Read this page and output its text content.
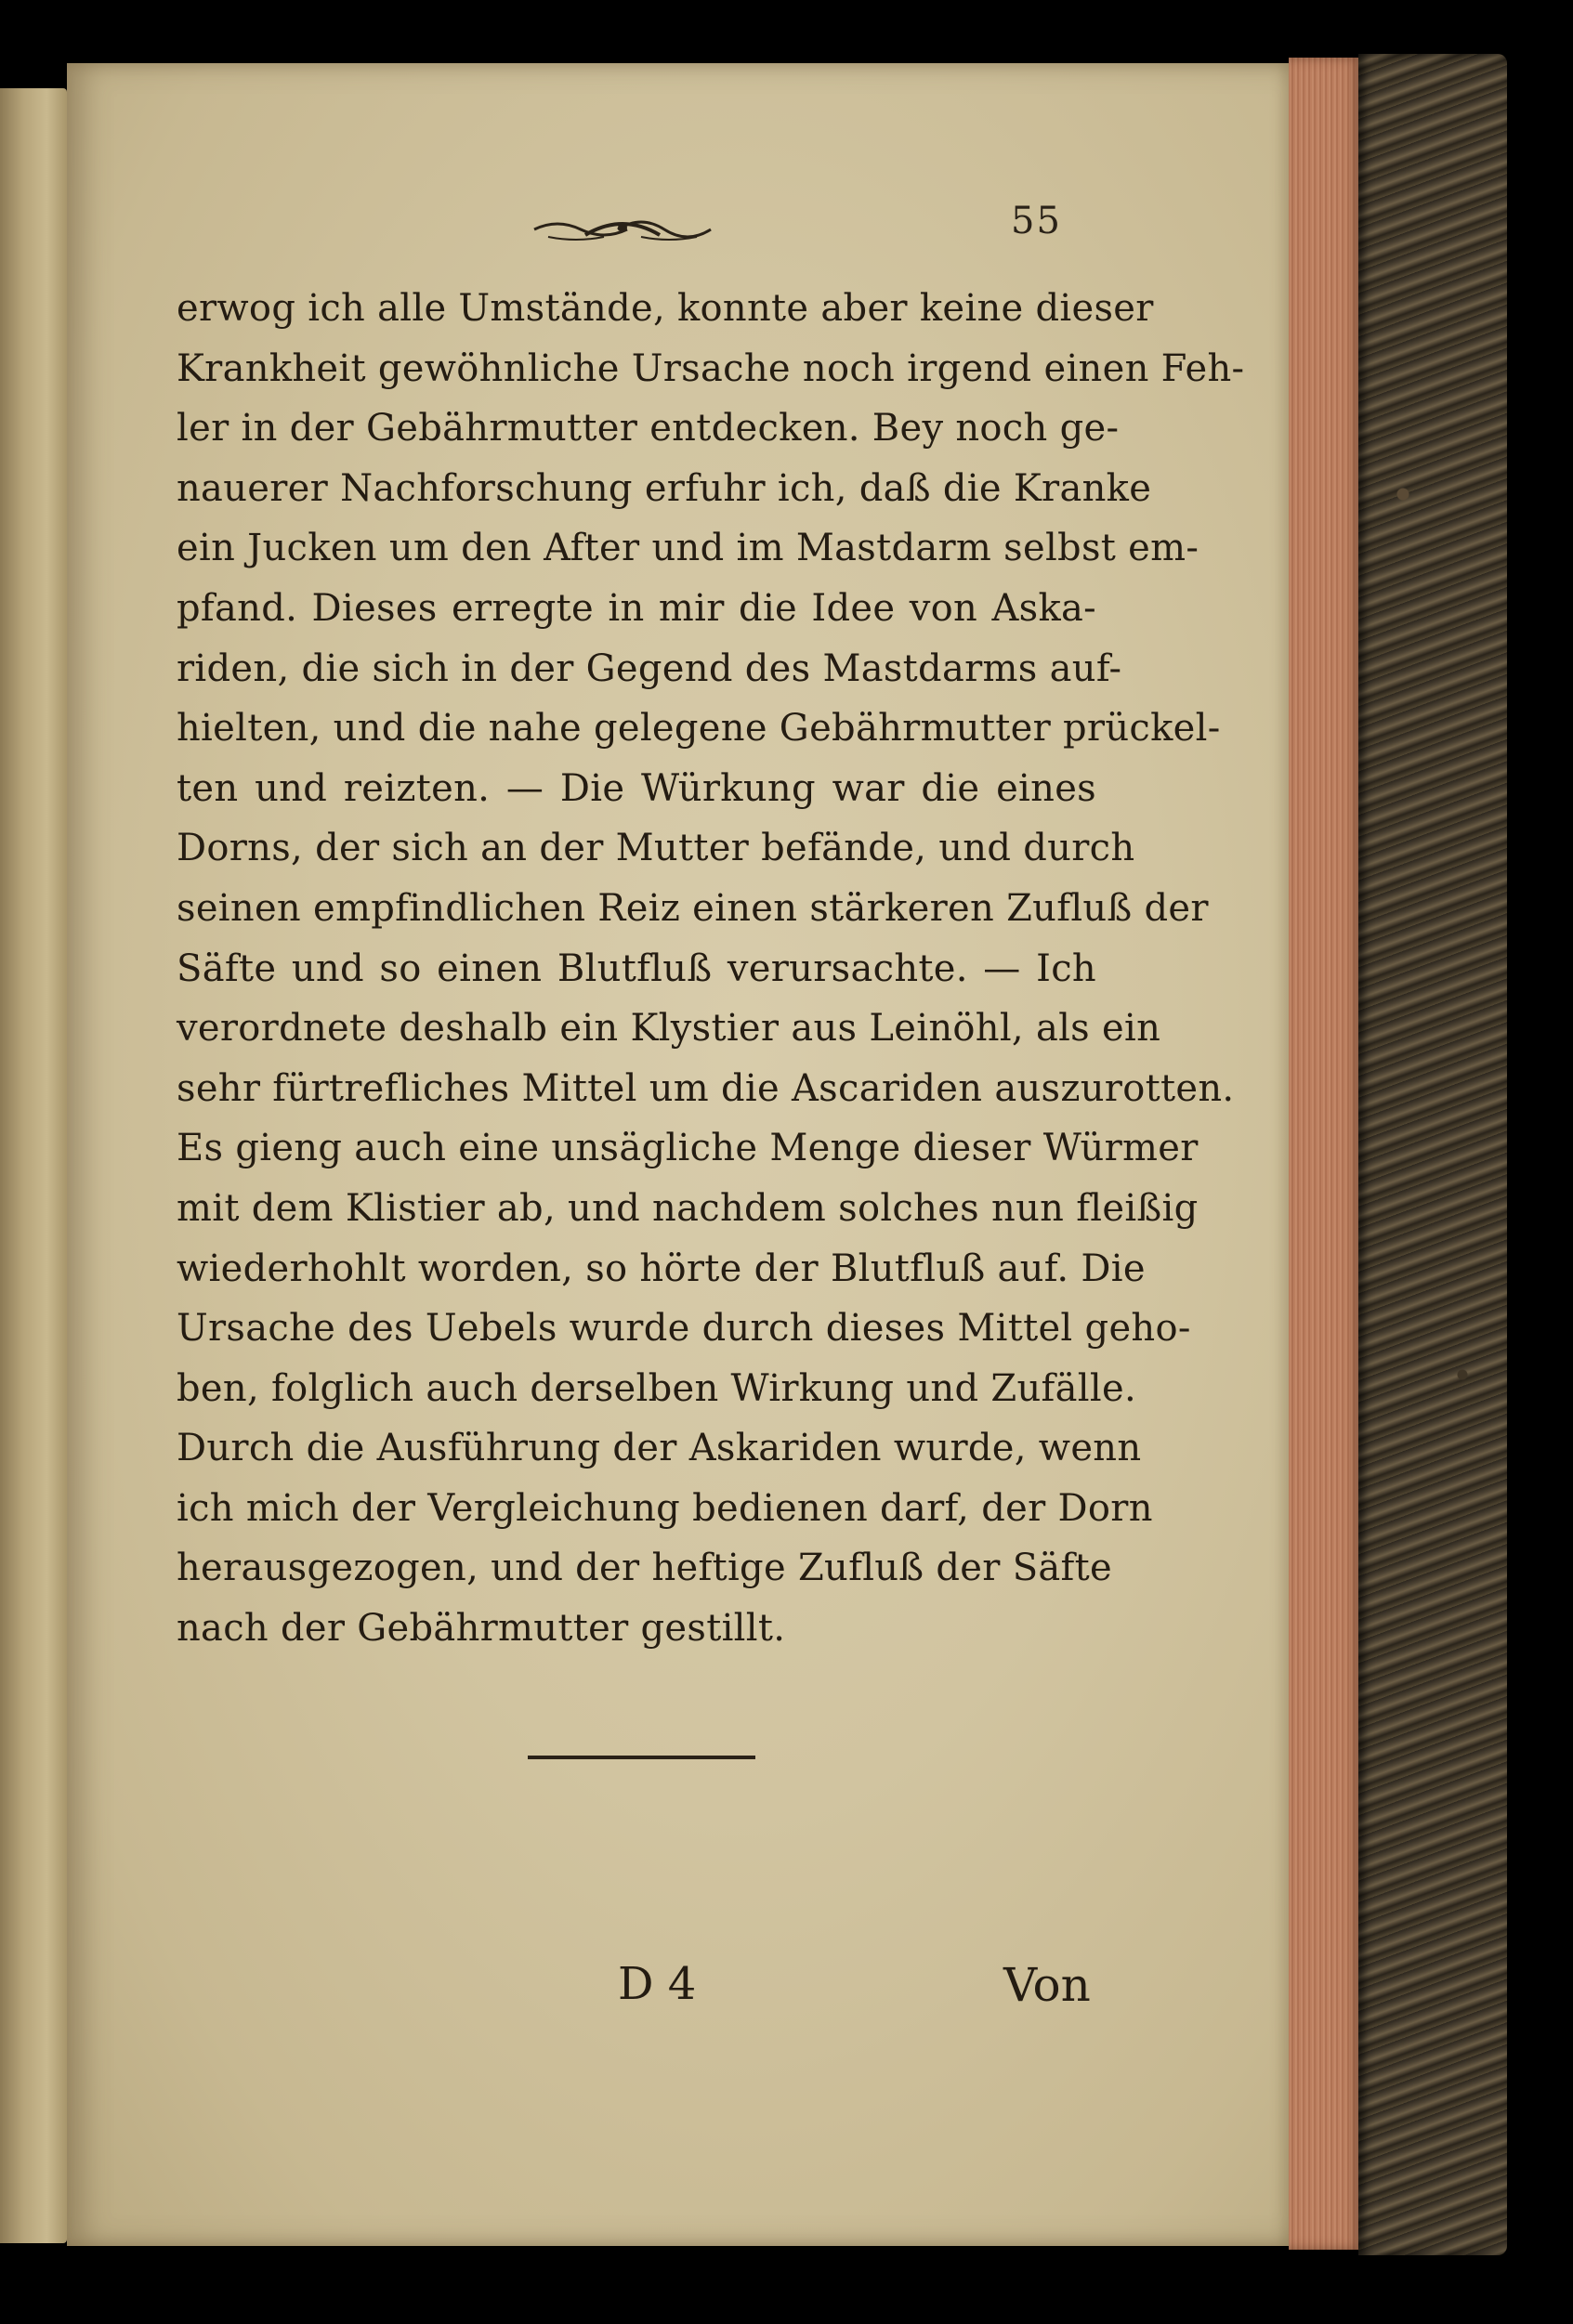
55
erwog ich alle Umstände, konnte aber keine dieser
Krankheit gewöhnliche Ursache noch irgend einen Feh-
ler in der Gebährmutter entdecken. Bey noch ge-
nauerer Nachforschung erfuhr ich, daß die Kranke
ein Jucken um den After und im Mastdarm selbst em-
pfand. Dieses erregte in mir die Idee von Aska-
riden, die sich in der Gegend des Mastdarms auf-
hielten, und die nahe gelegene Gebährmutter prückel-
ten und reizten. — Die Würkung war die eines
Dorns, der sich an der Mutter befände, und durch
seinen empfindlichen Reiz einen stärkeren Zufluß der
Säfte und so einen Blutfluß verursachte. — Ich
verordnete deshalb ein Klystier aus Leinöhl, als ein
sehr fürtrefliches Mittel um die Ascariden auszurotten.
Es gieng auch eine unsägliche Menge dieser Würmer
mit dem Klistier ab, und nachdem solches nun fleißig
wiederhohlt worden, so hörte der Blutfluß auf. Die
Ursache des Uebels wurde durch dieses Mittel geho-
ben, folglich auch derselben Wirkung und Zufälle.
Durch die Ausführung der Askariden wurde, wenn
ich mich der Vergleichung bedienen darf, der Dorn
herausgezogen, und der heftige Zufluß der Säfte
nach der Gebährmutter gestillt.
D 4	Von
